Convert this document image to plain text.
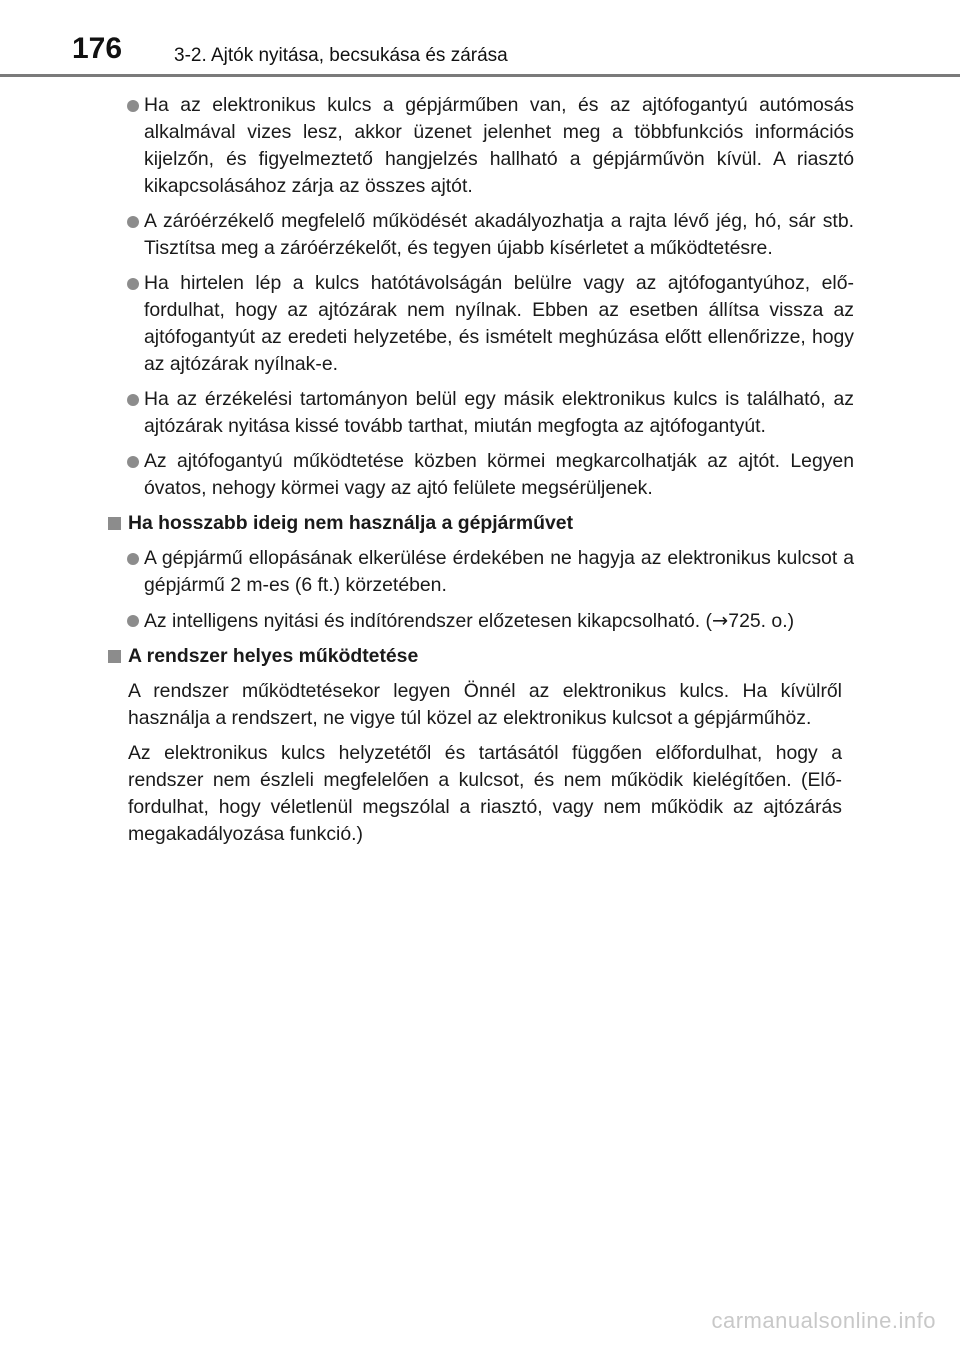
176	3-2. Ajtók nyitása, becsukása és zárása
Ha az elektronikus kulcs a gépjárműben van, és az ajtófogantyú autómosás alkalmával vizes lesz, akkor üzenet jelenhet meg a többfunkciós információs kijelzőn, és figyelmeztető hangjelzés hallható a gépjárművön kívül. A riasztó kikapcsolásához zárja az összes ajtót.
A záróérzékelő megfelelő működését akadályozhatja a rajta lévő jég, hó, sár stb. Tisztítsa meg a záróérzékelőt, és tegyen újabb kísérletet a működtetésre.
Ha hirtelen lép a kulcs hatótávolságán belülre vagy az ajtófogantyúhoz, előfordulhat, hogy az ajtózárak nem nyílnak. Ebben az esetben állítsa vissza az ajtófogantyút az eredeti helyzetébe, és ismételt meghúzása előtt ellenőrizze, hogy az ajtózárak nyílnak-e.
Ha az érzékelési tartományon belül egy másik elektronikus kulcs is található, az ajtózárak nyitása kissé tovább tarthat, miután megfogta az ajtófogantyút.
Az ajtófogantyú működtetése közben körmei megkarcolhatják az ajtót. Legyen óvatos, nehogy körmei vagy az ajtó felülete megsérüljenek.
Ha hosszabb ideig nem használja a gépjárművet
A gépjármű ellopásának elkerülése érdekében ne hagyja az elektronikus kulcsot a gépjármű 2 m-es (6 ft.) körzetében.
Az intelligens nyitási és indítórendszer előzetesen kikapcsolható. (→725. o.)
A rendszer helyes működtetése
A rendszer működtetésekor legyen Önnél az elektronikus kulcs. Ha kívülről használja a rendszert, ne vigye túl közel az elektronikus kulcsot a gépjárműhöz.
Az elektronikus kulcs helyzetétől és tartásától függően előfordulhat, hogy a rendszer nem észleli megfelelően a kulcsot, és nem működik kielégítően. (Előfordulhat, hogy véletlenül megszólal a riasztó, vagy nem működik az ajtózárás megakadályozása funkció.)
carmanualsonline.info
